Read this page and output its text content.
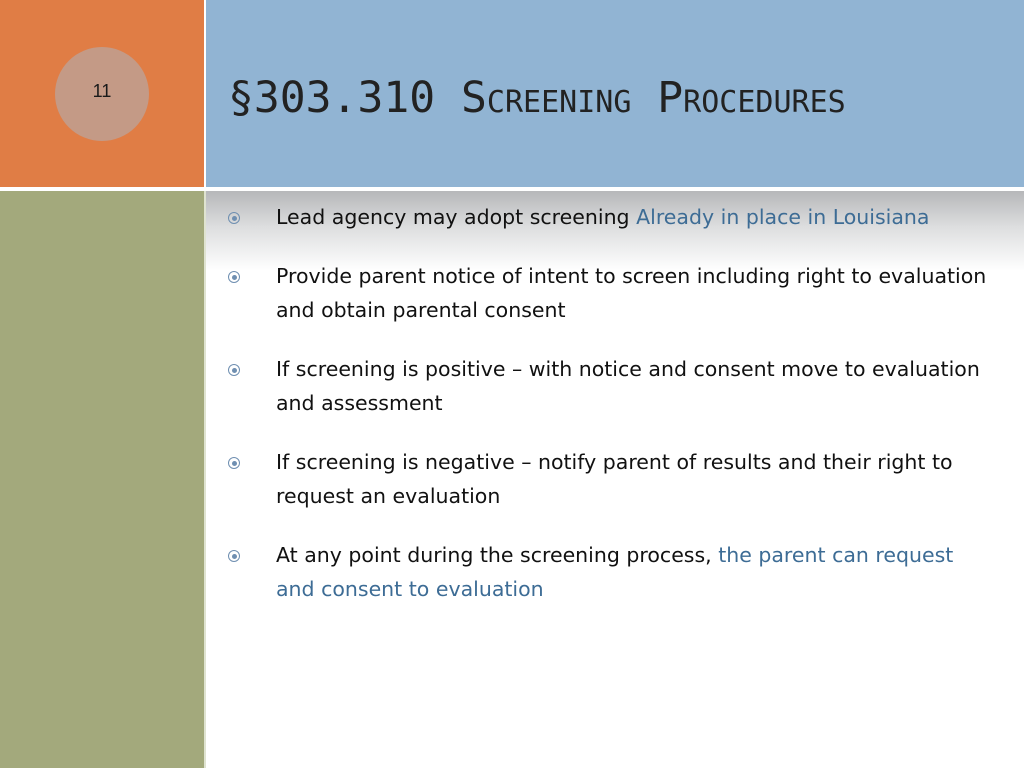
11	§303.310 Screening Procedures
Lead agency may adopt screening Already in place in Louisiana
Provide parent notice of intent to screen including right to evaluation and obtain parental consent
If screening is positive – with notice and consent move to evaluation and assessment
If screening is negative – notify parent of results and their right to request an evaluation
At any point during the screening process, the parent can request and consent to evaluation
